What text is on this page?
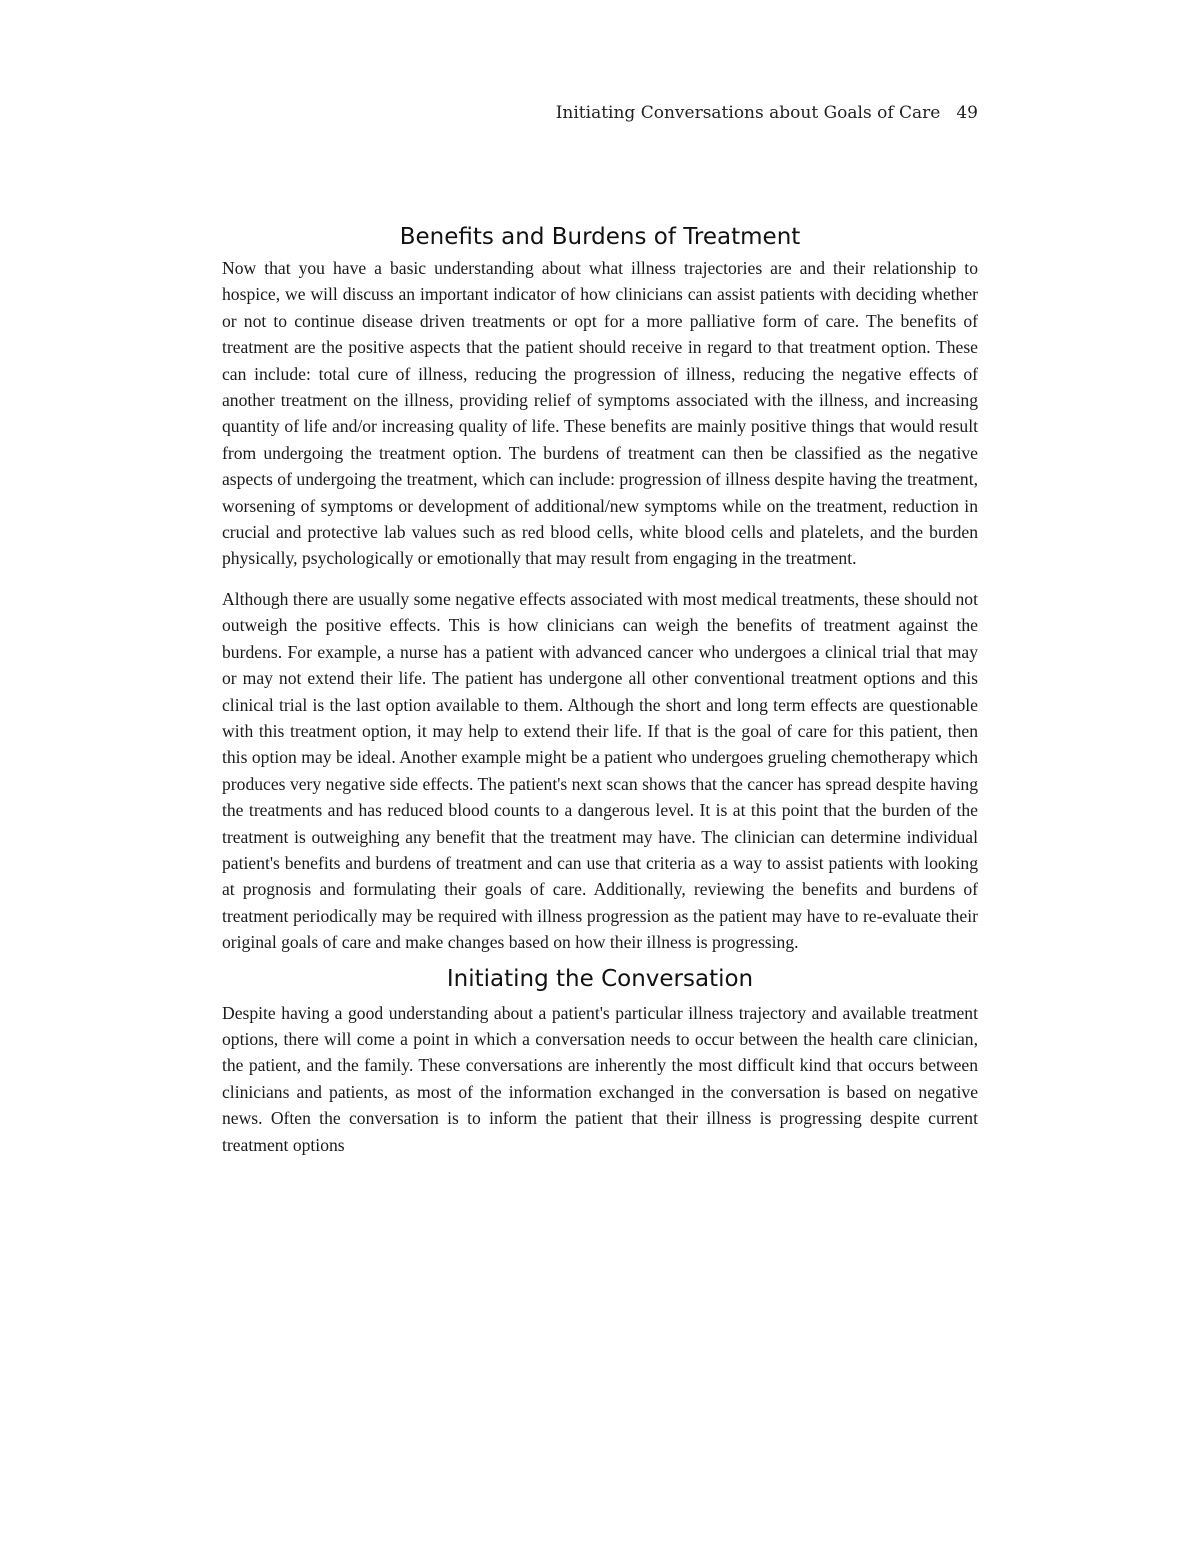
Initiating Conversations about Goals of Care 49
Benefits and Burdens of Treatment

Now that you have a basic understanding about what illness trajectories are and their relationship to hospice, we will discuss an important indicator of how clinicians can assist patients with deciding whether or not to continue disease driven treatments or opt for a more palliative form of care. The benefits of treatment are the positive aspects that the patient should receive in regard to that treatment option. These can include: total cure of illness, reducing the progression of illness, reducing the negative effects of another treatment on the illness, providing relief of symptoms associated with the illness, and increasing quantity of life and/or increasing quality of life. These benefits are mainly positive things that would result from undergoing the treatment option. The burdens of treatment can then be classified as the negative aspects of undergoing the treatment, which can include: progression of illness despite having the treatment, worsening of symptoms or development of additional/new symptoms while on the treatment, reduction in crucial and protective lab values such as red blood cells, white blood cells and platelets, and the burden physically, psychologically or emotionally that may result from engaging in the treatment.

Although there are usually some negative effects associated with most medical treatments, these should not outweigh the positive effects. This is how clinicians can weigh the benefits of treatment against the burdens. For example, a nurse has a patient with advanced cancer who undergoes a clinical trial that may or may not extend their life. The patient has undergone all other conventional treatment options and this clinical trial is the last option available to them. Although the short and long term effects are questionable with this treatment option, it may help to extend their life. If that is the goal of care for this patient, then this option may be ideal. Another example might be a patient who undergoes grueling chemotherapy which produces very negative side effects. The patient's next scan shows that the cancer has spread despite having the treatments and has reduced blood counts to a dangerous level. It is at this point that the burden of the treatment is outweighing any benefit that the treatment may have. The clinician can determine individual patient's benefits and burdens of treatment and can use that criteria as a way to assist patients with looking at prognosis and formulating their goals of care. Additionally, reviewing the benefits and burdens of treatment periodically may be required with illness progression as the patient may have to re-evaluate their original goals of care and make changes based on how their illness is progressing.

Initiating the Conversation

Despite having a good understanding about a patient's particular illness trajectory and available treatment options, there will come a point in which a conversation needs to occur between the health care clinician, the patient, and the family. These conversations are inherently the most difficult kind that occurs between clinicians and patients, as most of the information exchanged in the conversation is based on negative news. Often the conversation is to inform the patient that their illness is progressing despite current treatment options
